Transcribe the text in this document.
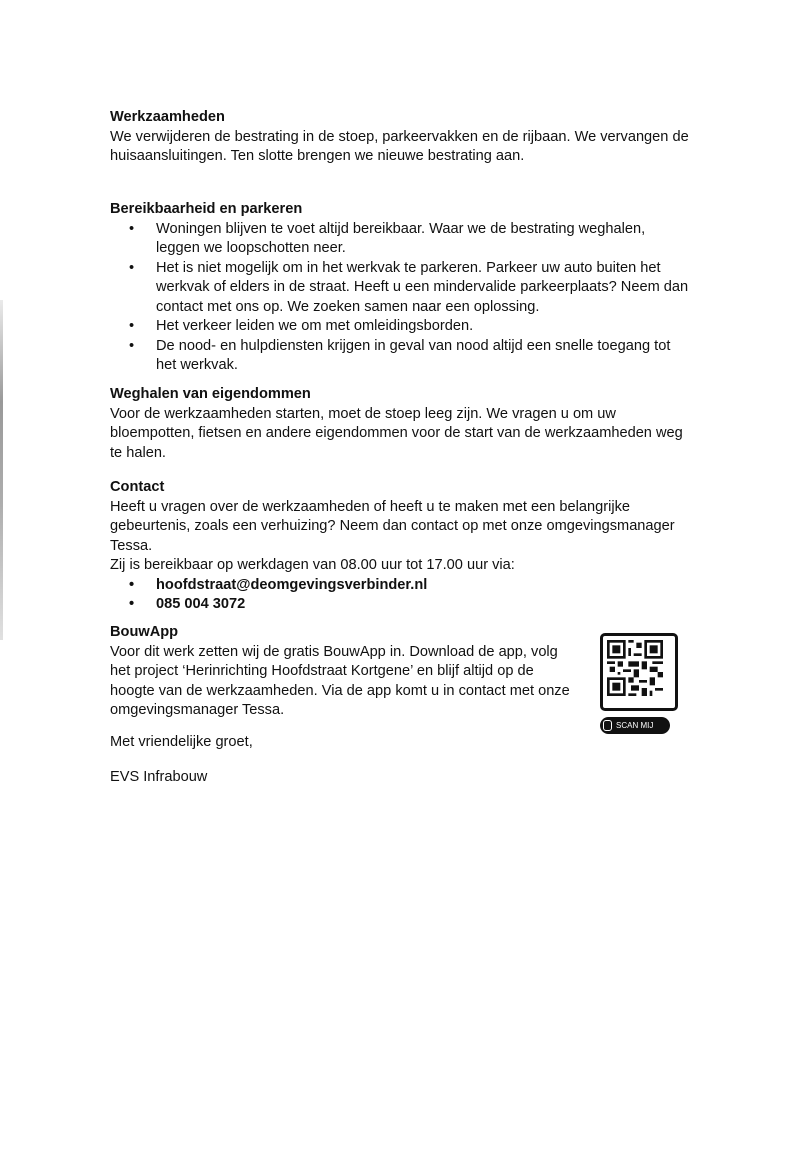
Werkzaamheden

We verwijderen de bestrating in de stoep, parkeervakken en de rijbaan. We vervangen de huisaansluitingen. Ten slotte brengen we nieuwe bestrating aan.

Bereikbaarheid en parkeren
• Woningen blijven te voet altijd bereikbaar. Waar we de bestrating weghalen, leggen we loopschotten neer.
• Het is niet mogelijk om in het werkvak te parkeren. Parkeer uw auto buiten het werkvak of elders in de straat. Heeft u een mindervalide parkeerplaats? Neem dan contact met ons op. We zoeken samen naar een oplossing.
• Het verkeer leiden we om met omleidingsborden.
• De nood- en hulpdiensten krijgen in geval van nood altijd een snelle toegang tot het werkvak.
Weghalen van eigendommen

Voor de werkzaamheden starten, moet de stoep leeg zijn. We vragen u om uw bloempotten, fietsen en andere eigendommen voor de start van de werkzaamheden weg te halen.

Contact

Heeft u vragen over de werkzaamheden of heeft u te maken met een belangrijke gebeurtenis, zoals een verhuizing? Neem dan contact op met onze omgevingsmanager Tessa.

Zij is bereikbaar op werkdagen van 08.00 uur tot 17.00 uur via:

• hoofdstraat@deomgevingsverbinder.nl
• 085 004 3072
BouwApp

Voor dit werk zetten wij de gratis BouwApp in. Download de app, volg het project ‘Herinrichting Hoofdstraat Kortgene’ en blijf altijd op de hoogte van de werkzaamheden. Via de app komt u in contact met onze omgevingsmanager Tessa.

Met vriendelijke groet,

EVS Infrabouw

SCAN MIJ
